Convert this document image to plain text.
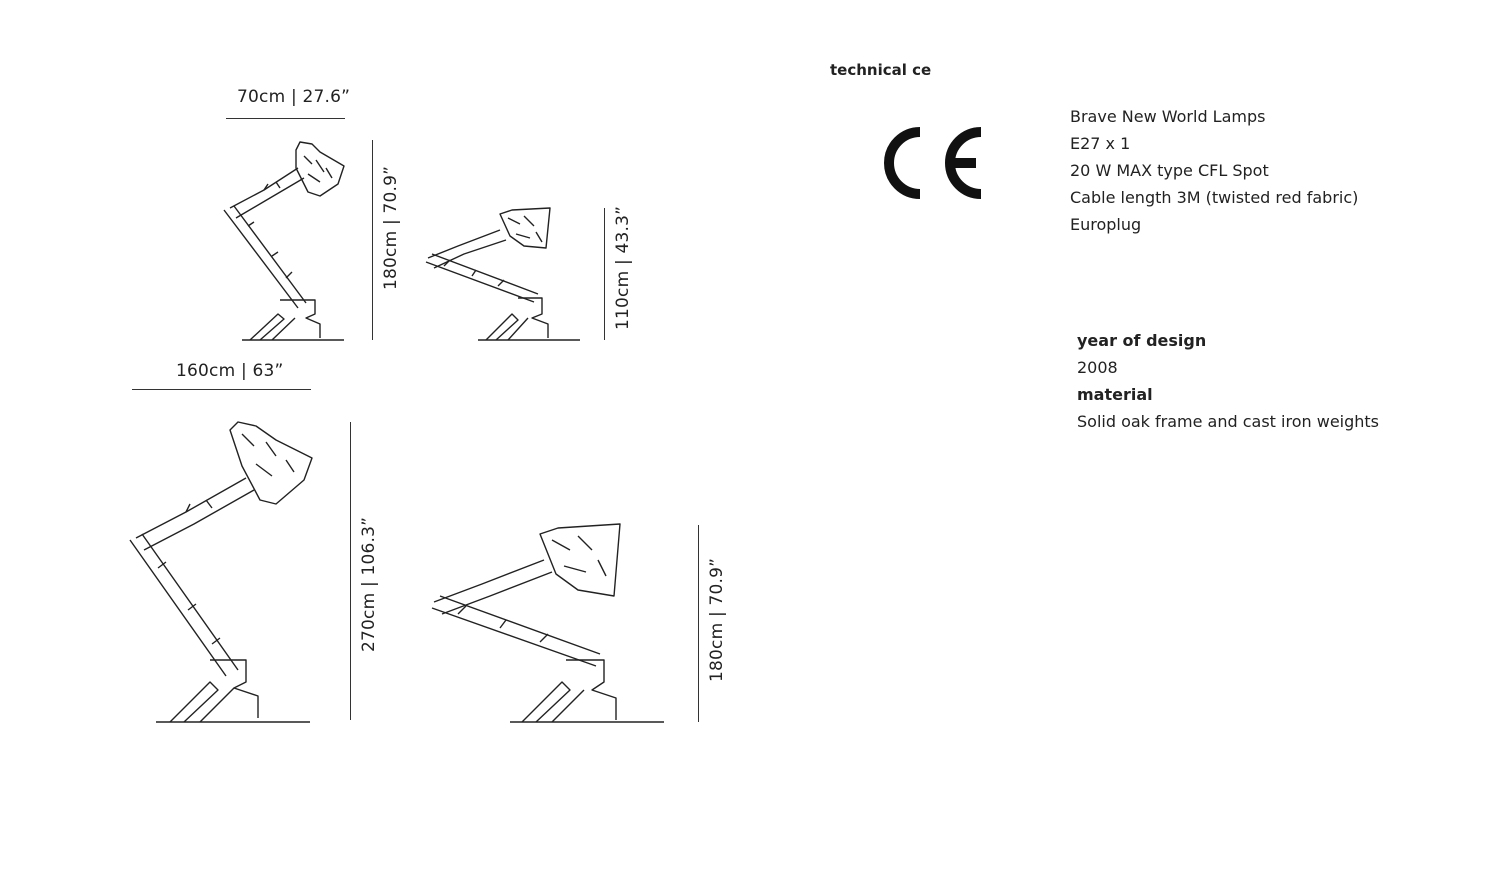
70cm | 27.6”
180cm | 70.9”	110cm | 43.3”
160cm | 63”
270cm | 106.3”	180cm | 70.9”
technical ce
Brave New World Lamps
E27 x 1
20 W MAX type CFL Spot
Cable length 3M (twisted red fabric)
Europlug
year of design
2008
material
Solid oak frame and cast iron weights
